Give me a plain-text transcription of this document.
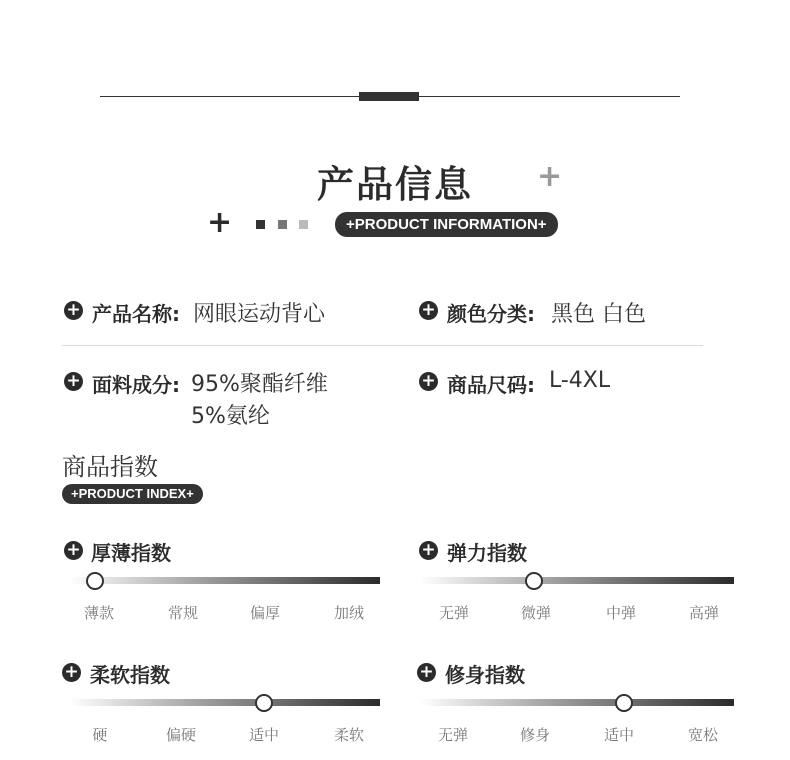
产品信息	+
+	+PRODUCT INFORMATION+
+ 产品名称: 网眼运动背心	+ 颜色分类: 黑色 白色
+ 面料成分: 95%聚酯纤维
5%氨纶
+ 商品尺码: L-4XL
商品指数
+PRODUCT INDEX+
+ 厚薄指数
薄款	常规	偏厚	加绒
+ 弹力指数
无弹	微弹	中弹	高弹
+ 柔软指数
硬	偏硬	适中	柔软
+ 修身指数
无弹	修身	适中	宽松
